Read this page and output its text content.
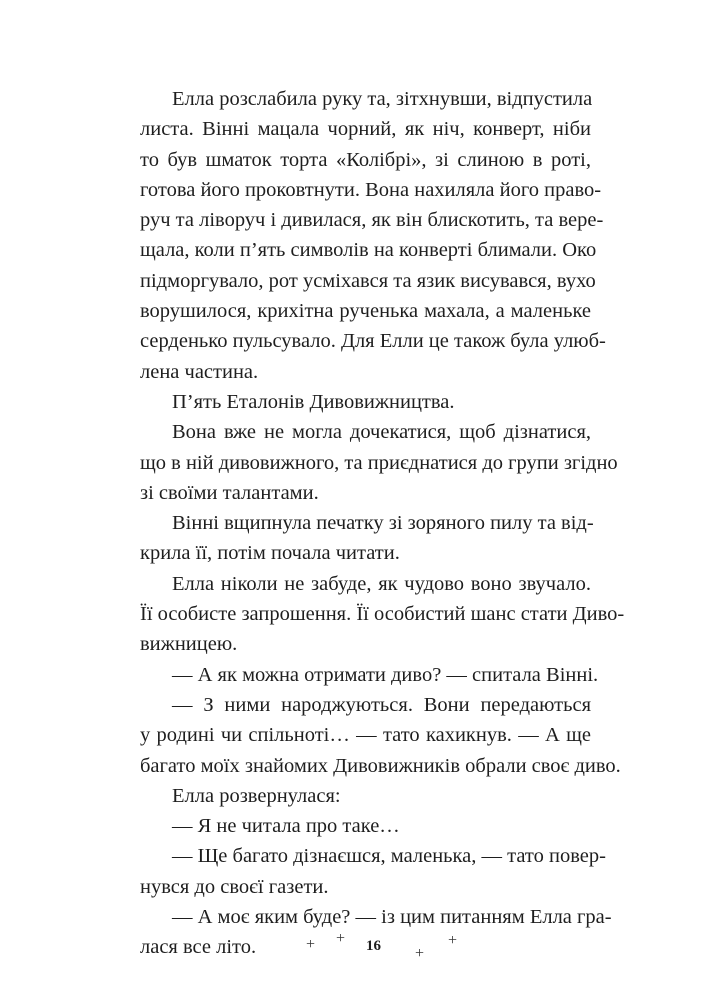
Елла розслабила руку та, зітхнувши, відпустила
листа. Вінні мацала чорний, як ніч, конверт, ніби
то був шматок торта «Колібрі», зі слиною в роті,
готова його проковтнути. Вона нахиляла його право-
руч та ліворуч і дивилася, як він блискотить, та вере-
щала, коли п’ять символів на конверті блимали. Око
підморгувало, рот усміхався та язик висувався, вухо
ворушилося, крихітна рученька махала, а маленьке
серденько пульсувало. Для Елли це також була улюб-
лена частина.
П’ять Еталонів Дивовижництва.
Вона вже не могла дочекатися, щоб дізнатися,
що в ній дивовижного, та приєднатися до групи згідно
зі своїми талантами.
Вінні вщипнула печатку зі зоряного пилу та від-
крила її, потім почала читати.
Елла ніколи не забуде, як чудово воно звучало.
Її особисте запрошення. Її особистий шанс стати Диво-
вижницею.
— А як можна отримати диво? — спитала Вінні.
— З ними народжуються. Вони передаються
у родині чи спільноті… — тато кахикнув. — А ще
багато моїх знайомих Дивовижників обрали своє диво.
Елла розвернулася:
— Я не читала про таке…
— Ще багато дізнаєшся, маленька, — тато повер-
нувся до своєї газети.
— А моє яким буде? — із цим питанням Елла гра-
лася все літо.	+ + 16 +
+
